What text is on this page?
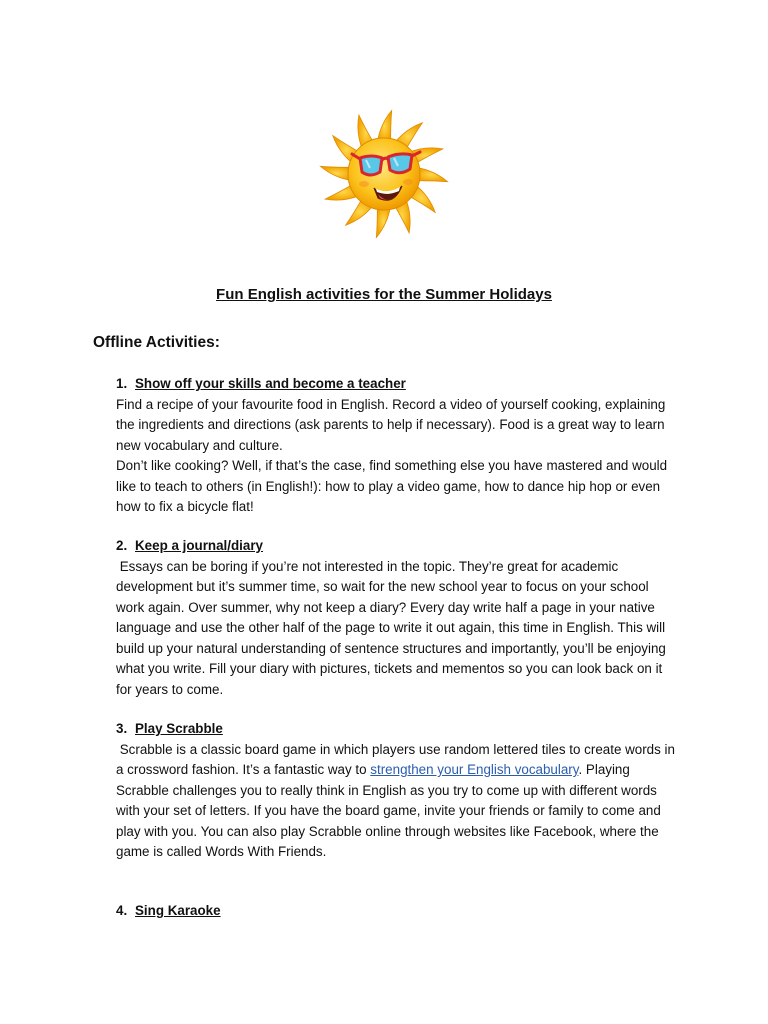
Fun English activities for the Summer Holidays
Offline Activities:
1. Show off your skills and become a teacher

Find a recipe of your favourite food in English. Record a video of yourself cooking, explaining the ingredients and directions (ask parents to help if necessary). Food is a great way to learn new vocabulary and culture.

Don’t like cooking? Well, if that’s the case, find something else you have mastered and would like to teach to others (in English!): how to play a video game, how to dance hip hop or even how to fix a bicycle flat!

2. Keep a journal/diary

Essays can be boring if you’re not interested in the topic. They’re great for academic development but it’s summer time, so wait for the new school year to focus on your school work again. Over summer, why not keep a diary? Every day write half a page in your native language and use the other half of the page to write it out again, this time in English. This will build up your natural understanding of sentence structures and importantly, you’ll be enjoying what you write. Fill your diary with pictures, tickets and mementos so you can look back on it for years to come.

3. Play Scrabble

Scrabble is a classic board game in which players use random lettered tiles to create words in a crossword fashion. It’s a fantastic way to strengthen your English vocabulary. Playing Scrabble challenges you to really think in English as you try to come up with different words with your set of letters. If you have the board game, invite your friends or family to come and play with you. You can also play Scrabble online through websites like Facebook, where the game is called Words With Friends.

4. Sing Karaoke
